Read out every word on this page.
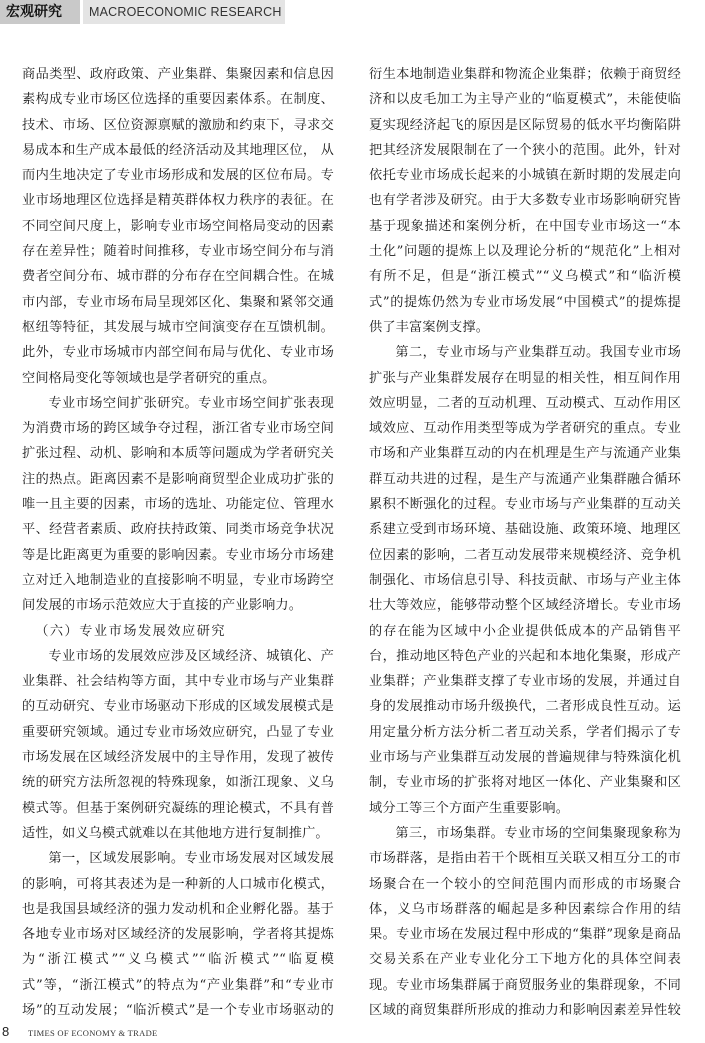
宏观研究	MACROECONOMIC RESEARCH

商品类型、政府政策、产业集群、集聚因素和信息因素构成专业市场区位选择的重要因素体系。在制度、技术、市场、区位资源禀赋的激励和约束下，寻求交易成本和生产成本最低的经济活动及其地理区位， 从而内生地决定了专业市场形成和发展的区位布局。专业市场地理区位选择是精英群体权力秩序的表征。在不同空间尺度上，影响专业市场空间格局变动的因素存在差异性；随着时间推移，专业市场空间分布与消费者空间分布、城市群的分布存在空间耦合性。在城市内部，专业市场布局呈现郊区化、集聚和紧邻交通枢纽等特征，其发展与城市空间演变存在互馈机制。此外，专业市场城市内部空间布局与优化、专业市场空间格局变化等领域也是学者研究的重点。

专业市场空间扩张研究。专业市场空间扩张表现为消费市场的跨区域争夺过程，浙江省专业市场空间扩张过程、动机、影响和本质等问题成为学者研究关注的热点。距离因素不是影响商贸型企业成功扩张的唯一且主要的因素，市场的选址、功能定位、管理水平、经营者素质、政府扶持政策、同类市场竞争状况等是比距离更为重要的影响因素。专业市场分市场建立对迁入地制造业的直接影响不明显，专业市场跨空间发展的市场示范效应大于直接的产业影响力。

（六）专业市场发展效应研究

专业市场的发展效应涉及区域经济、城镇化、产业集群、社会结构等方面，其中专业市场与产业集群的互动研究、专业市场驱动下形成的区域发展模式是重要研究领域。通过专业市场效应研究，凸显了专业市场发展在区域经济发展中的主导作用，发现了被传统的研究方法所忽视的特殊现象，如浙江现象、义乌模式等。但基于案例研究凝练的理论模式，不具有普适性，如义乌模式就难以在其他地方进行复制推广。

第一，区域发展影响。专业市场发展对区域发展的影响，可将其表述为是一种新的人口城市化模式，也是我国县域经济的强力发动机和企业孵化器。基于各地专业市场对区域经济的发展影响，学者将其提炼为“浙江模式”“义乌模式”“临沂模式”“临夏模式”等，“浙江模式”的特点为“产业集群”和“专业市场”的互动发展；“临沂模式”是一个专业市场驱动的

衍生本地制造业集群和物流企业集群；依赖于商贸经济和以皮毛加工为主导产业的“临夏模式”，未能使临夏实现经济起飞的原因是区际贸易的低水平均衡陷阱把其经济发展限制在了一个狭小的范围。此外，针对依托专业市场成长起来的小城镇在新时期的发展走向也有学者涉及研究。由于大多数专业市场影响研究皆基于现象描述和案例分析，在中国专业市场这一“本土化”问题的提炼上以及理论分析的“规范化”上相对有所不足，但是“浙江模式”“义乌模式”和“临沂模式”的提炼仍然为专业市场发展“中国模式”的提炼提供了丰富案例支撑。

第二，专业市场与产业集群互动。我国专业市场扩张与产业集群发展存在明显的相关性，相互间作用效应明显，二者的互动机理、互动模式、互动作用区域效应、互动作用类型等成为学者研究的重点。专业市场和产业集群互动的内在机理是生产与流通产业集群互动共进的过程，是生产与流通产业集群融合循环累积不断强化的过程。专业市场与产业集群的互动关系建立受到市场环境、基础设施、政策环境、地理区位因素的影响，二者互动发展带来规模经济、竞争机制强化、市场信息引导、科技贡献、市场与产业主体壮大等效应，能够带动整个区域经济增长。专业市场的存在能为区域中小企业提供低成本的产品销售平台，推动地区特色产业的兴起和本地化集聚，形成产业集群；产业集群支撑了专业市场的发展，并通过自身的发展推动市场升级换代，二者形成良性互动。运用定量分析方法分析二者互动关系，学者们揭示了专业市场与产业集群互动发展的普遍规律与特殊演化机制，专业市场的扩张将对地区一体化、产业集聚和区域分工等三个方面产生重要影响。

第三，市场集群。专业市场的空间集聚现象称为市场群落，是指由若干个既相互关联又相互分工的市场聚合在一个较小的空间范围内而形成的市场聚合体，义乌市场群落的崛起是多种因素综合作用的结果。专业市场在发展过程中形成的“集群”现象是商品交易关系在产业专业化分工下地方化的具体空间表现。专业市场集群属于商贸服务业的集群现象，不同区域的商贸集群所形成的推动力和影响因素差异性较

8 TIMES OF ECONOMY & TRADE
